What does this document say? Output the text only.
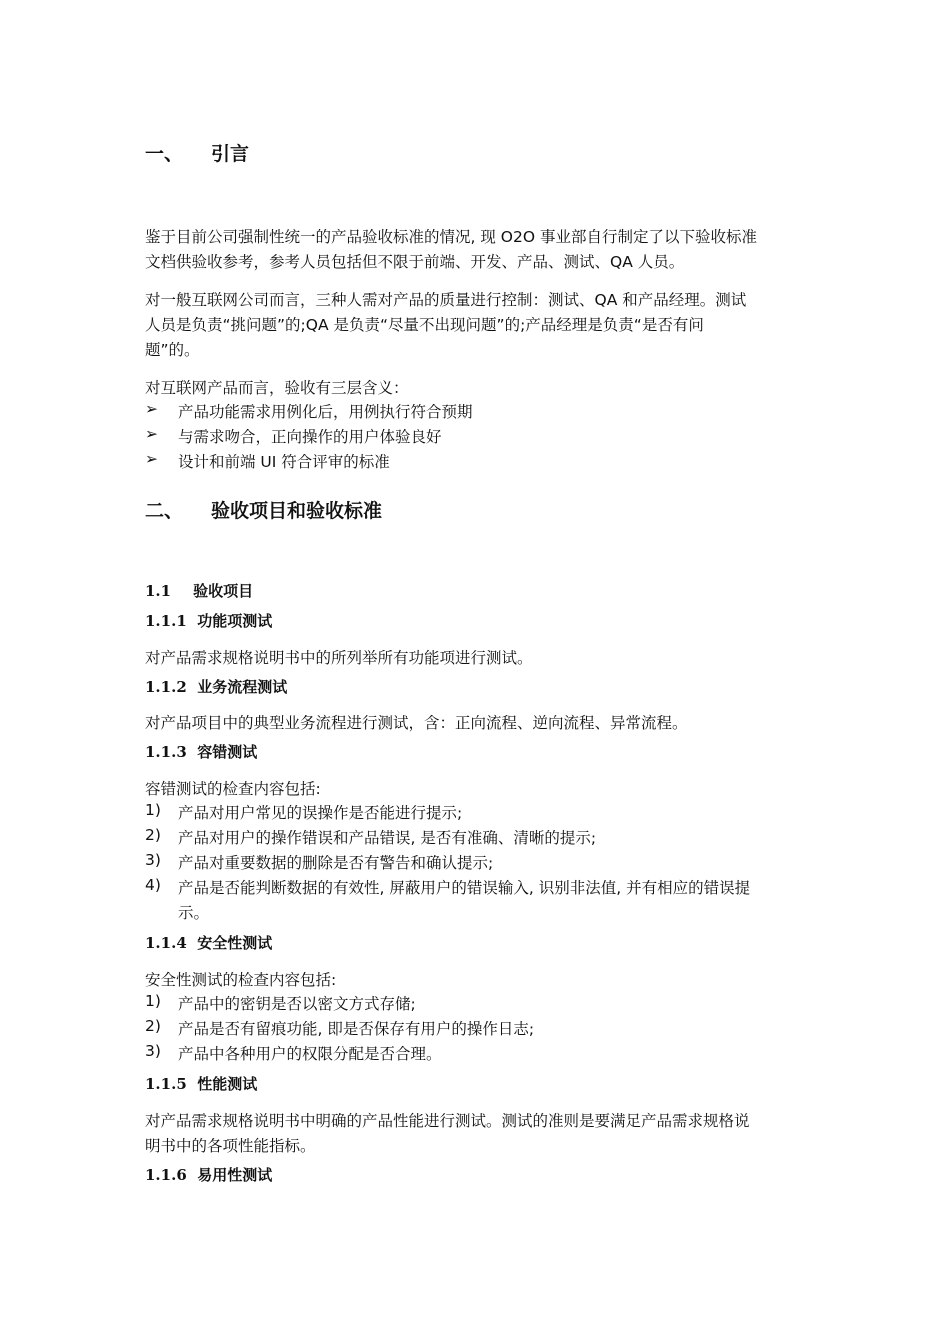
一、 引言
鉴于目前公司强制性统一的产品验收标准的情况, 现 O2O 事业部自行制定了以下验收标准
文档供验收参考，参考人员包括但不限于前端、开发、产品、测试、QA 人员。
对一般互联网公司而言，三种人需对产品的质量进行控制：测试、QA 和产品经理。测试
人员是负责“挑问题”的;QA 是负责“尽量不出现问题”的;产品经理是负责“是否有问
题”的。
对互联网产品而言，验收有三层含义：
➢ 产品功能需求用例化后，用例执行符合预期
➢ 与需求吻合，正向操作的用户体验良好
➢ 设计和前端 UI 符合评审的标准
二、 验收项目和验收标准
1.1 验收项目
1.1.1 功能项测试
对产品需求规格说明书中的所列举所有功能项进行测试。
1.1.2 业务流程测试
对产品项目中的典型业务流程进行测试，含：正向流程、逆向流程、异常流程。
1.1.3 容错测试
容错测试的检查内容包括:
1) 产品对用户常见的误操作是否能进行提示;
2) 产品对用户的操作错误和产品错误, 是否有准确、清晰的提示;
3) 产品对重要数据的删除是否有警告和确认提示;
4) 产品是否能判断数据的有效性, 屏蔽用户的错误输入, 识别非法值, 并有相应的错误提
示。
1.1.4 安全性测试
安全性测试的检查内容包括:
1) 产品中的密钥是否以密文方式存储;
2) 产品是否有留痕功能, 即是否保存有用户的操作日志;
3) 产品中各种用户的权限分配是否合理。
1.1.5 性能测试
对产品需求规格说明书中明确的产品性能进行测试。测试的准则是要满足产品需求规格说
明书中的各项性能指标。
1.1.6 易用性测试
